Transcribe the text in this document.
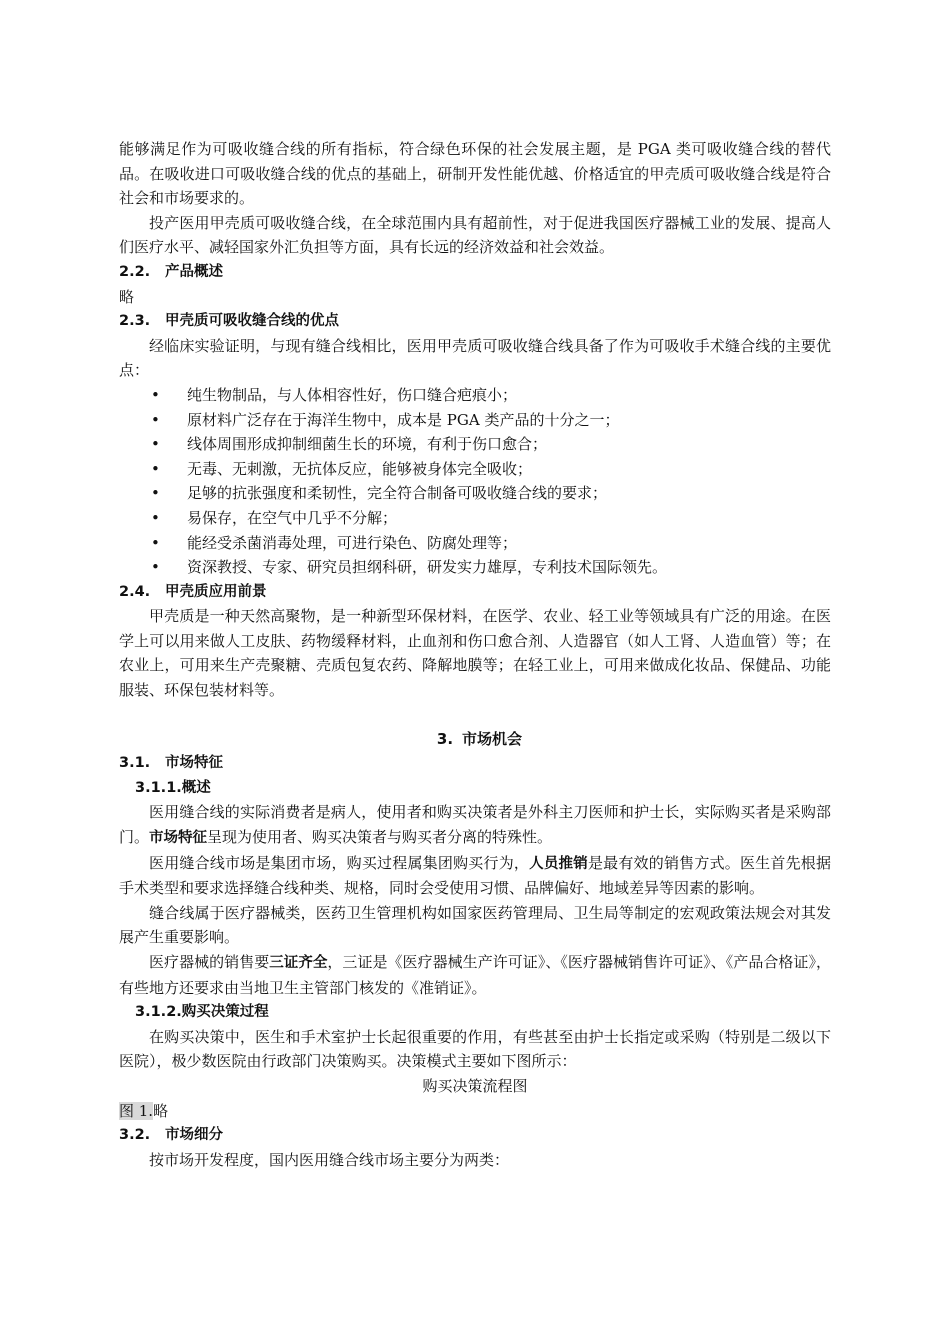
能够满足作为可吸收缝合线的所有指标，符合绿色环保的社会发展主题，是 PGA 类可吸收缝合线的替代品。在吸收进口可吸收缝合线的优点的基础上，研制开发性能优越、价格适宜的甲壳质可吸收缝合线是符合社会和市场要求的。

投产医用甲壳质可吸收缝合线，在全球范围内具有超前性，对于促进我国医疗器械工业的发展、提高人们医疗水平、减轻国家外汇负担等方面，具有长远的经济效益和社会效益。

2.2. 产品概述

略

2.3. 甲壳质可吸收缝合线的优点

经临床实验证明，与现有缝合线相比，医用甲壳质可吸收缝合线具备了作为可吸收手术缝合线的主要优点：

• 纯生物制品，与人体相容性好，伤口缝合疤痕小；
• 原材料广泛存在于海洋生物中，成本是 PGA 类产品的十分之一；
• 线体周围形成抑制细菌生长的环境，有利于伤口愈合；
• 无毒、无刺激，无抗体反应，能够被身体完全吸收；
• 足够的抗张强度和柔韧性，完全符合制备可吸收缝合线的要求；
• 易保存，在空气中几乎不分解；
• 能经受杀菌消毒处理，可进行染色、防腐处理等；
• 资深教授、专家、研究员担纲科研，研发实力雄厚，专利技术国际领先。

2.4. 甲壳质应用前景

甲壳质是一种天然高聚物，是一种新型环保材料，在医学、农业、轻工业等领域具有广泛的用途。在医学上可以用来做人工皮肤、药物缓释材料，止血剂和伤口愈合剂、人造器官（如人工肾、人造血管）等；在农业上，可用来生产壳聚糖、壳质包复农药、降解地膜等；在轻工业上，可用来做成化妆品、保健品、功能服装、环保包装材料等。

3. 市场机会

3.1. 市场特征

3.1.1.概述

医用缝合线的实际消费者是病人，使用者和购买决策者是外科主刀医师和护士长，实际购买者是采购部门。市场特征呈现为使用者、购买决策者与购买者分离的特殊性。

医用缝合线市场是集团市场，购买过程属集团购买行为，人员推销是最有效的销售方式。医生首先根据手术类型和要求选择缝合线种类、规格，同时会受使用习惯、品牌偏好、地域差异等因素的影响。

缝合线属于医疗器械类，医药卫生管理机构如国家医药管理局、卫生局等制定的宏观政策法规会对其发展产生重要影响。

医疗器械的销售要三证齐全，三证是《医疗器械生产许可证》、《医疗器械销售许可证》、《产品合格证》，有些地方还要求由当地卫生主管部门核发的《准销证》。

3.1.2.购买决策过程

在购买决策中，医生和手术室护士长起很重要的作用，有些甚至由护士长指定或采购（特别是二级以下医院），极少数医院由行政部门决策购买。决策模式主要如下图所示：

购买决策流程图

图 1.略

3.2. 市场细分

按市场开发程度，国内医用缝合线市场主要分为两类：
